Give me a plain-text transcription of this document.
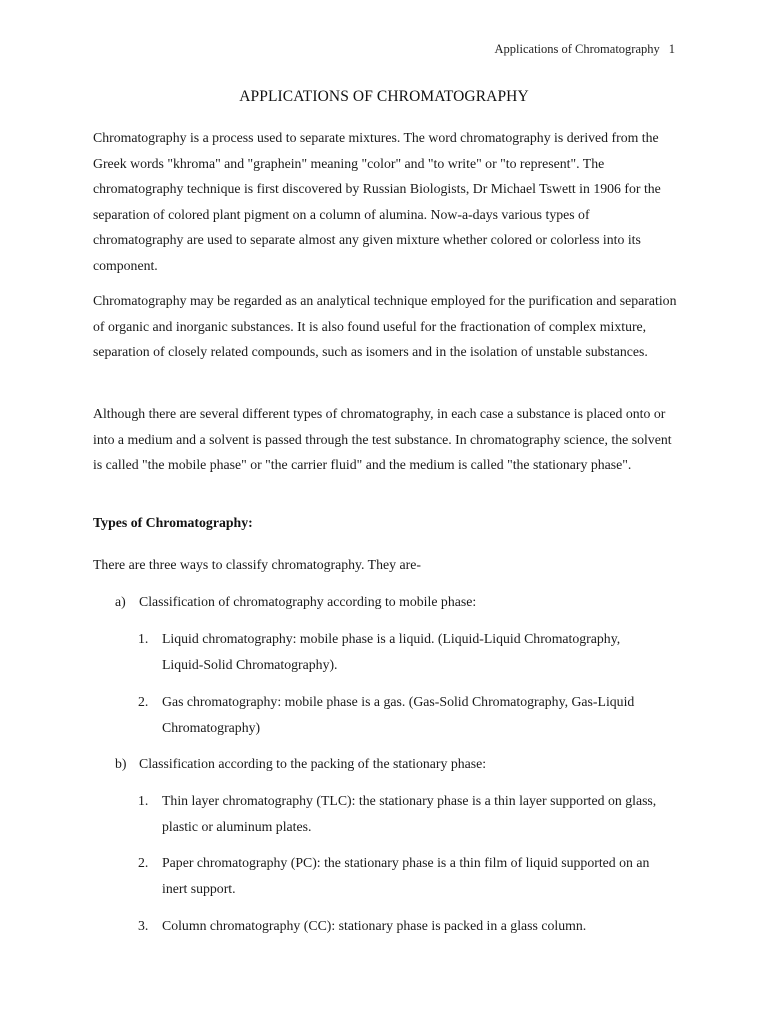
Applications of Chromatography 1
APPLICATIONS OF CHROMATOGRAPHY
Chromatography is a process used to separate mixtures. The word chromatography is derived from the Greek words "khroma" and "graphein" meaning "color" and "to write" or "to represent". The chromatography technique is first discovered by Russian Biologists, Dr Michael Tswett in 1906 for the separation of colored plant pigment on a column of alumina. Now-a-days various types of chromatography are used to separate almost any given mixture whether colored or colorless into its component.
Chromatography may be regarded as an analytical technique employed for the purification and separation of organic and inorganic substances. It is also found useful for the fractionation of complex mixture, separation of closely related compounds, such as isomers and in the isolation of unstable substances.
Although there are several different types of chromatography, in each case a substance is placed onto or into a medium and a solvent is passed through the test substance. In chromatography science, the solvent is called "the mobile phase" or "the carrier fluid" and the medium is called "the stationary phase".
Types of Chromatography:
There are three ways to classify chromatography. They are-
a) Classification of chromatography according to mobile phase:
1. Liquid chromatography: mobile phase is a liquid. (Liquid-Liquid Chromatography, Liquid-Solid Chromatography).
2. Gas chromatography: mobile phase is a gas. (Gas-Solid Chromatography, Gas-Liquid Chromatography)
b) Classification according to the packing of the stationary phase:
1. Thin layer chromatography (TLC): the stationary phase is a thin layer supported on glass, plastic or aluminum plates.
2. Paper chromatography (PC): the stationary phase is a thin film of liquid supported on an inert support.
3. Column chromatography (CC): stationary phase is packed in a glass column.
